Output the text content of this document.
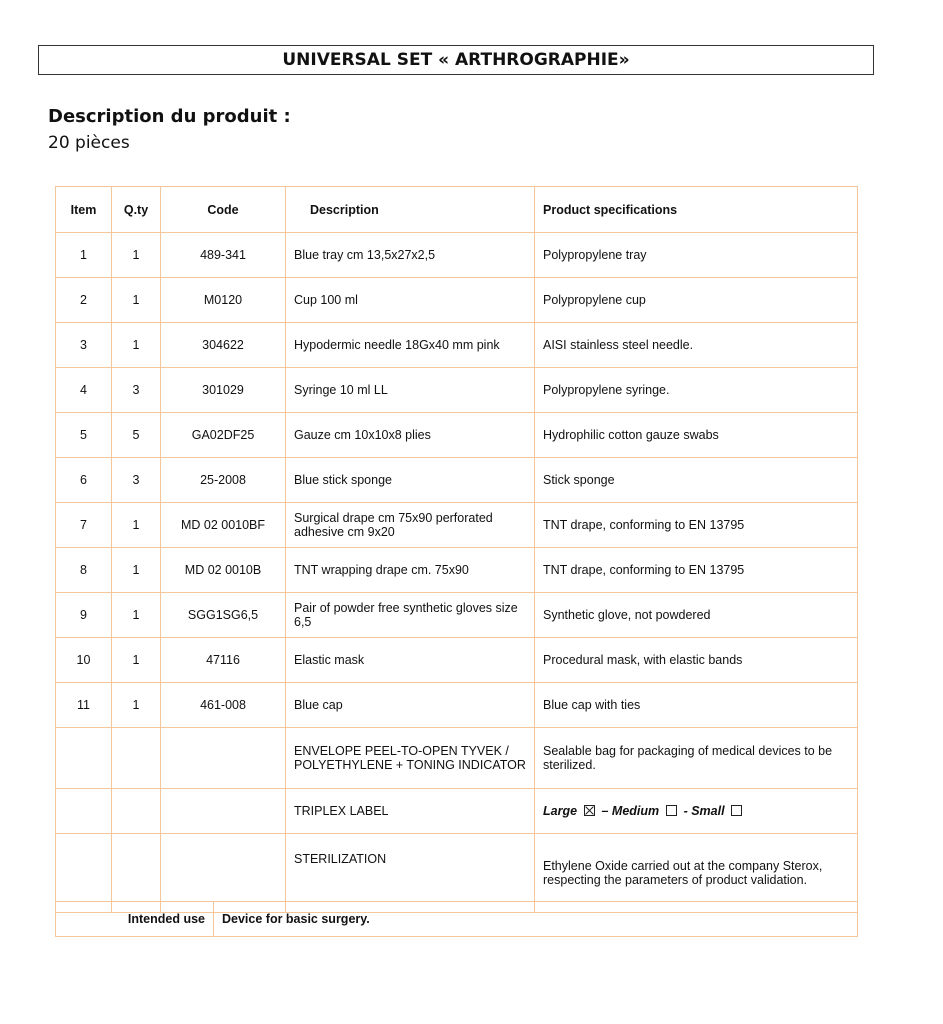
UNIVERSAL SET « ARTHROGRAPHIE»
Description du produit :
20 pièces
Item	Q.ty	Code	Description	Product specifications
1	1	489-341	Blue tray cm 13,5x27x2,5	Polypropylene tray
2	1	M0120	Cup 100 ml	Polypropylene cup
3	1	304622	Hypodermic needle 18Gx40 mm pink	AISI stainless steel needle.
4	3	301029	Syringe 10 ml LL	Polypropylene syringe.
5	5	GA02DF25	Gauze cm 10x10x8 plies	Hydrophilic cotton gauze swabs
6	3	25-2008	Blue stick sponge	Stick sponge
7	1	MD 02 0010BF	Surgical drape cm 75x90 perforated adhesive cm 9x20	TNT drape, conforming to EN 13795
8	1	MD 02 0010B	TNT wrapping drape cm. 75x90	TNT drape, conforming to EN 13795
9	1	SGG1SG6,5	Pair of powder free synthetic gloves size 6,5	Synthetic glove, not powdered
10	1	47116	Elastic mask	Procedural mask, with elastic bands
11	1	461-008	Blue cap	Blue cap with ties
			ENVELOPE PEEL-TO-OPEN TYVEK / POLYETHYLENE + TONING INDICATOR	Sealable bag for packaging of medical devices to be sterilized.
			TRIPLEX LABEL	Large – Medium - Small
			STERILIZATION	Ethylene Oxide carried out at the company Sterox, respecting the parameters of product validation.
Intended use	Device for basic surgery.
